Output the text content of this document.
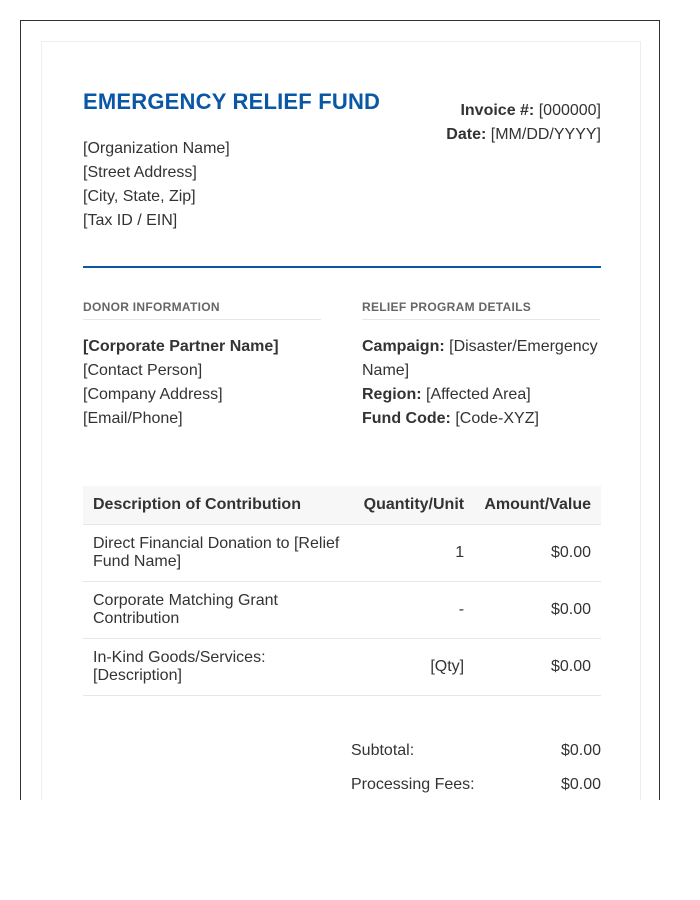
EMERGENCY RELIEF FUND
[Organization Name]
[Street Address]
[City, State, Zip]
[Tax ID / EIN]
Invoice #: [000000]
Date: [MM/DD/YYYY]
DONOR INFORMATION
[Corporate Partner Name]
[Contact Person]
[Company Address]
[Email/Phone]
RELIEF PROGRAM DETAILS
Campaign: [Disaster/Emergency Name]
Region: [Affected Area]
Fund Code: [Code-XYZ]
Description of Contribution	Quantity/Unit	Amount/Value
Direct Financial Donation to [Relief Fund Name]	1	$0.00
Corporate Matching Grant Contribution	-	$0.00
In-Kind Goods/Services: [Description]	[Qty]	$0.00
Subtotal:	$0.00
Processing Fees:	$0.00
